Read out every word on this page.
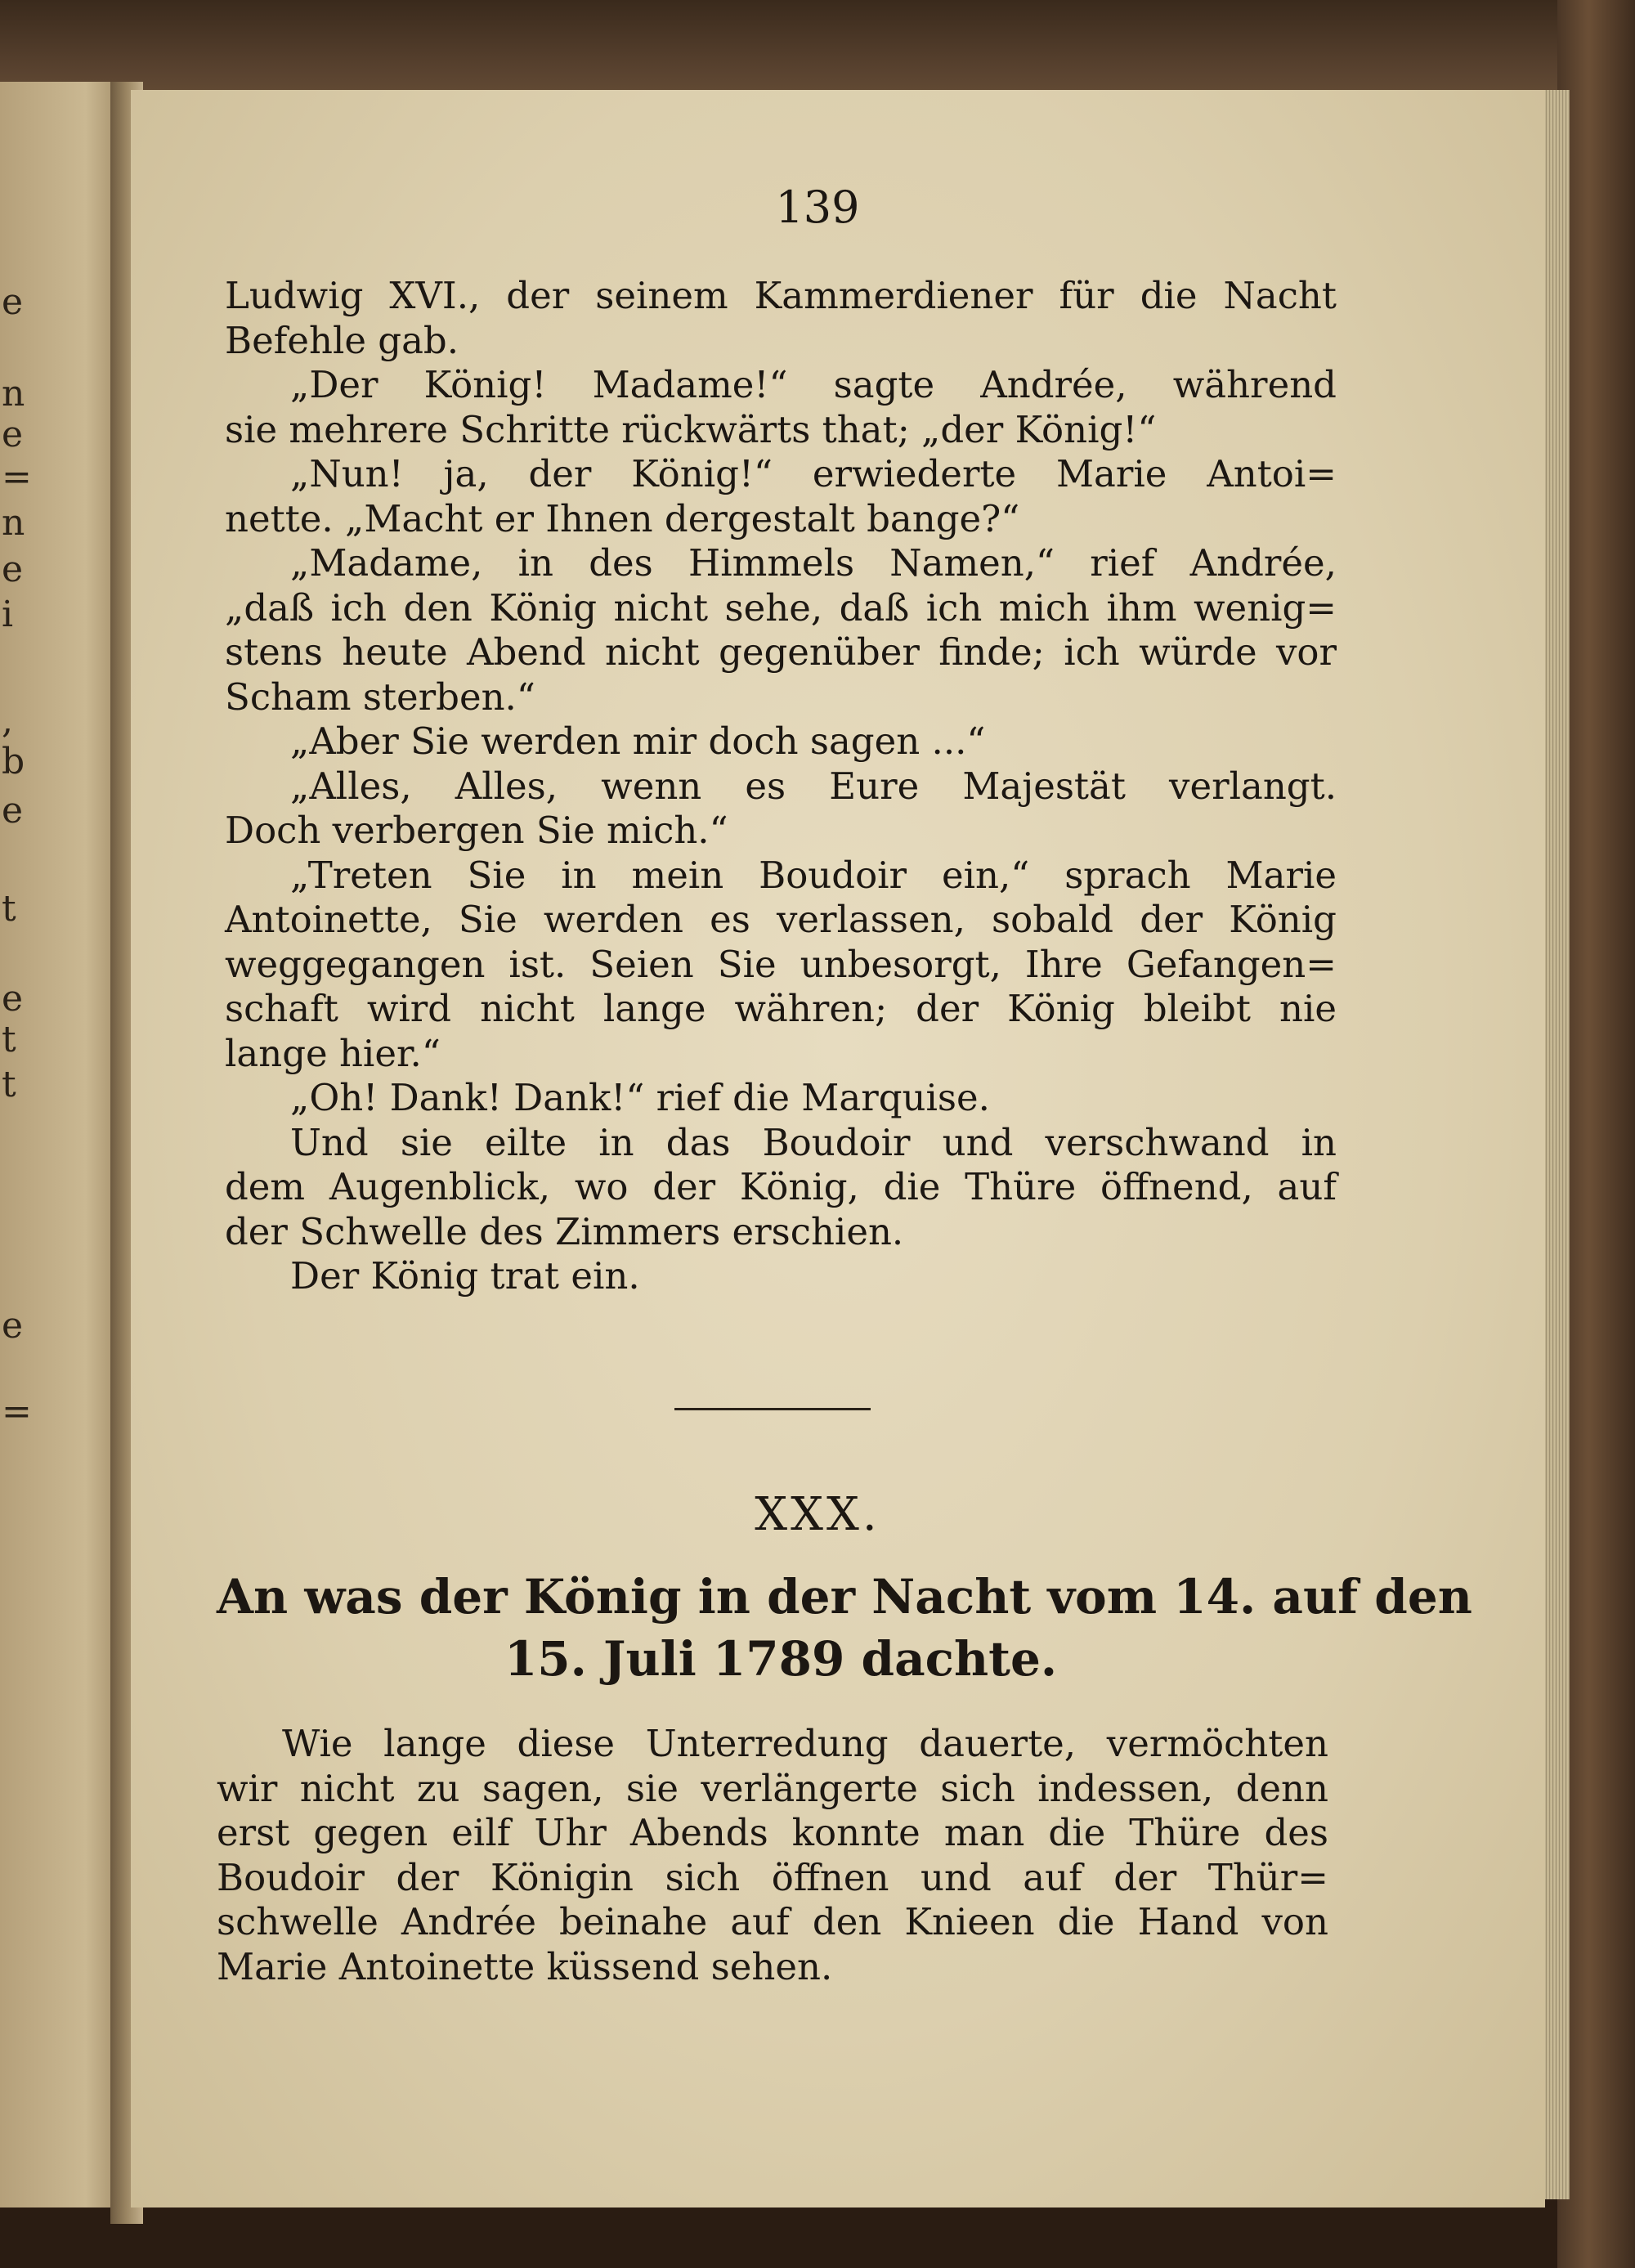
e
n
e
=
n
e
i
,
b
e
t
e
t
t
e
=
139
Ludwig XVI., der seinem Kammerdiener für die Nacht
Befehle gab.
„Der König! Madame!“ sagte Andrée, während
sie mehrere Schritte rückwärts that; „der König!“
„Nun! ja, der König!“ erwiederte Marie Antoi=
nette. „Macht er Ihnen dergestalt bange?“
„Madame, in des Himmels Namen,“ rief Andrée,
„daß ich den König nicht sehe, daß ich mich ihm wenig=
stens heute Abend nicht gegenüber finde; ich würde vor
Scham sterben.“
„Aber Sie werden mir doch sagen ...“
„Alles, Alles, wenn es Eure Majestät verlangt.
Doch verbergen Sie mich.“
„Treten Sie in mein Boudoir ein,“ sprach Marie
Antoinette, Sie werden es verlassen, sobald der König
weggegangen ist. Seien Sie unbesorgt, Ihre Gefangen=
schaft wird nicht lange währen; der König bleibt nie
lange hier.“
„Oh! Dank! Dank!“ rief die Marquise.
Und sie eilte in das Boudoir und verschwand in
dem Augenblick, wo der König, die Thüre öffnend, auf
der Schwelle des Zimmers erschien.
Der König trat ein.
XXX.
An was der König in der Nacht vom 14. auf den
15. Juli 1789 dachte.
Wie lange diese Unterredung dauerte, vermöchten
wir nicht zu sagen, sie verlängerte sich indessen, denn
erst gegen eilf Uhr Abends konnte man die Thüre des
Boudoir der Königin sich öffnen und auf der Thür=
schwelle Andrée beinahe auf den Knieen die Hand von
Marie Antoinette küssend sehen.
